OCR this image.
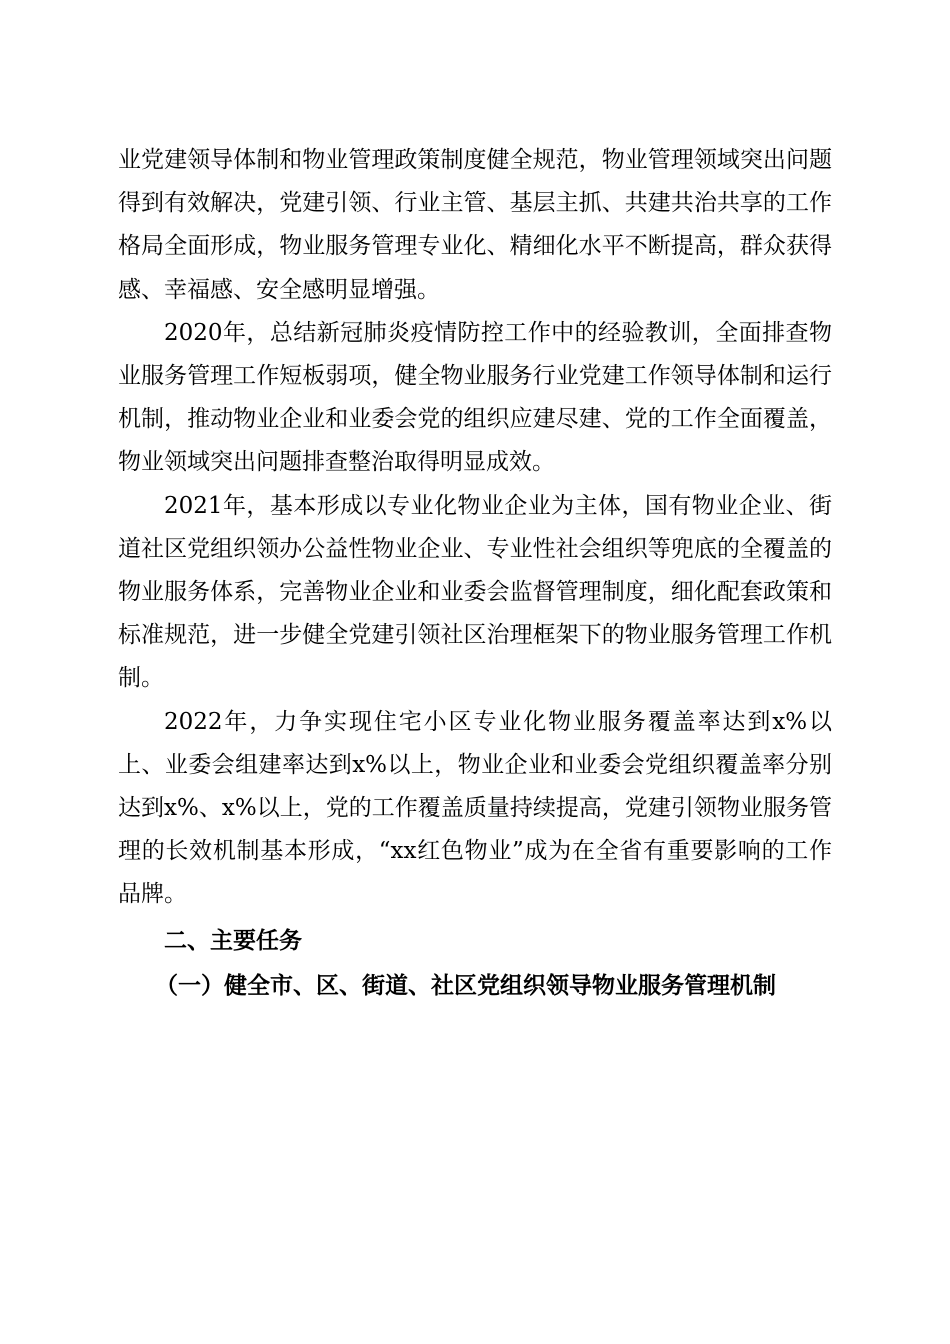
业党建领导体制和物业管理政策制度健全规范，物业管理领域突出问题得到有效解决，党建引领、行业主管、基层主抓、共建共治共享的工作格局全面形成，物业服务管理专业化、精细化水平不断提高，群众获得感、幸福感、安全感明显增强。

2020年，总结新冠肺炎疫情防控工作中的经验教训，全面排查物业服务管理工作短板弱项，健全物业服务行业党建工作领导体制和运行机制，推动物业企业和业委会党的组织应建尽建、党的工作全面覆盖，物业领域突出问题排查整治取得明显成效。

2021年，基本形成以专业化物业企业为主体，国有物业企业、街道社区党组织领办公益性物业企业、专业性社会组织等兜底的全覆盖的物业服务体系，完善物业企业和业委会监督管理制度，细化配套政策和标准规范，进一步健全党建引领社区治理框架下的物业服务管理工作机制。

2022年，力争实现住宅小区专业化物业服务覆盖率达到x%以上、业委会组建率达到x%以上，物业企业和业委会党组织覆盖率分别达到x%、x%以上，党的工作覆盖质量持续提高，党建引领物业服务管理的长效机制基本形成，“xx红色物业”成为在全省有重要影响的工作品牌。

二、主要任务
（一）健全市、区、街道、社区党组织领导物业服务管理机制
